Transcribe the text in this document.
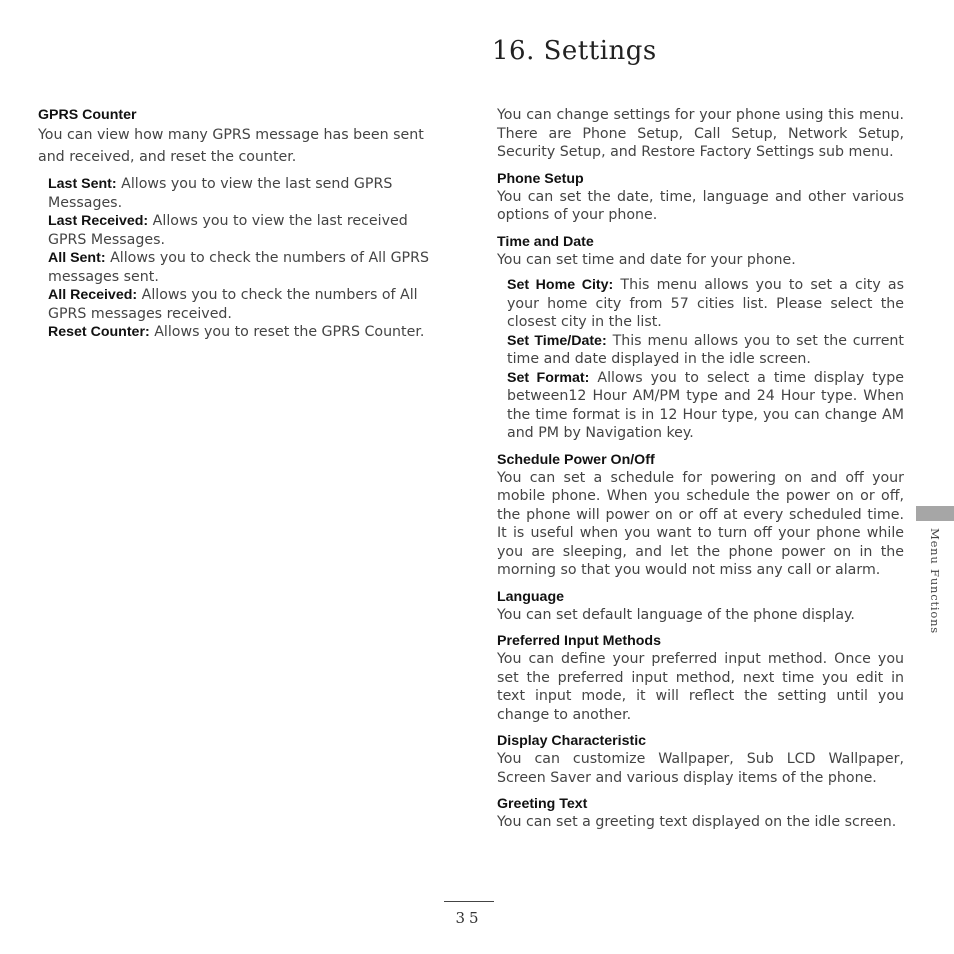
16. Settings
GPRS Counter

You can view how many GPRS message has been sent and received, and reset the counter.

Last Sent: Allows you to view the last send GPRS Messages.

Last Received: Allows you to view the last received GPRS Messages.

All Sent: Allows you to check the numbers of All GPRS messages sent.

All Received: Allows you to check the numbers of All GPRS messages received.

Reset Counter: Allows you to reset the GPRS Counter.

You can change settings for your phone using this menu. There are Phone Setup, Call Setup, Network Setup, Security Setup, and Restore Factory Settings sub menu.

Phone Setup

You can set the date, time, language and other various options of your phone.

Time and Date

You can set time and date for your phone.

Set Home City: This menu allows you to set a city as your home city from 57 cities list. Please select the closest city in the list.

Set Time/Date: This menu allows you to set the current time and date displayed in the idle screen.

Set Format: Allows you to select a time display type between12 Hour AM/PM type and 24 Hour type. When the time format is in 12 Hour type, you can change AM and PM by Navigation key.

Schedule Power On/Off

You can set a schedule for powering on and off your mobile phone. When you schedule the power on or off, the phone will power on or off at every scheduled time. It is useful when you want to turn off your phone while you are sleeping, and let the phone power on in the morning so that you would not miss any call or alarm.

Language

You can set default language of the phone display.

Preferred Input Methods

You can define your preferred input method. Once you set the preferred input method, next time you edit in text input mode, it will reflect the setting until you change to another.

Display Characteristic

You can customize Wallpaper, Sub LCD Wallpaper, Screen Saver and various display items of the phone.

Greeting Text

You can set a greeting text displayed on the idle screen.

Menu Functions
35
